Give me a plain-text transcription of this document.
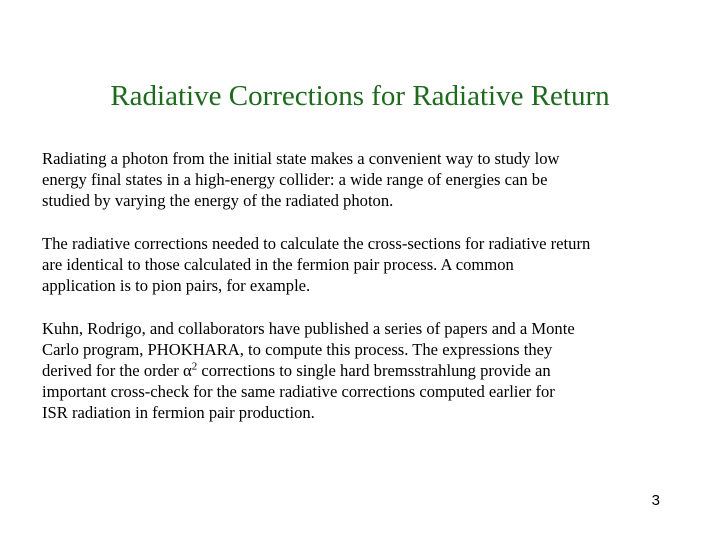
Radiative Corrections for Radiative Return

Radiating a photon from the initial state makes a convenient way to study low
energy final states in a high-energy collider: a wide range of energies can be
studied by varying the energy of the radiated photon.

The radiative corrections needed to calculate the cross-sections for radiative return
are identical to those calculated in the fermion pair process. A common
application is to pion pairs, for example.

Kuhn, Rodrigo, and collaborators have published a series of papers and a Monte
Carlo program, PHOKHARA, to compute this process. The expressions they
derived for the order $\alpha^2$ corrections to single hard bremsstrahlung provide an
important cross-check for the same radiative corrections computed earlier for
ISR radiation in fermion pair production.

3
